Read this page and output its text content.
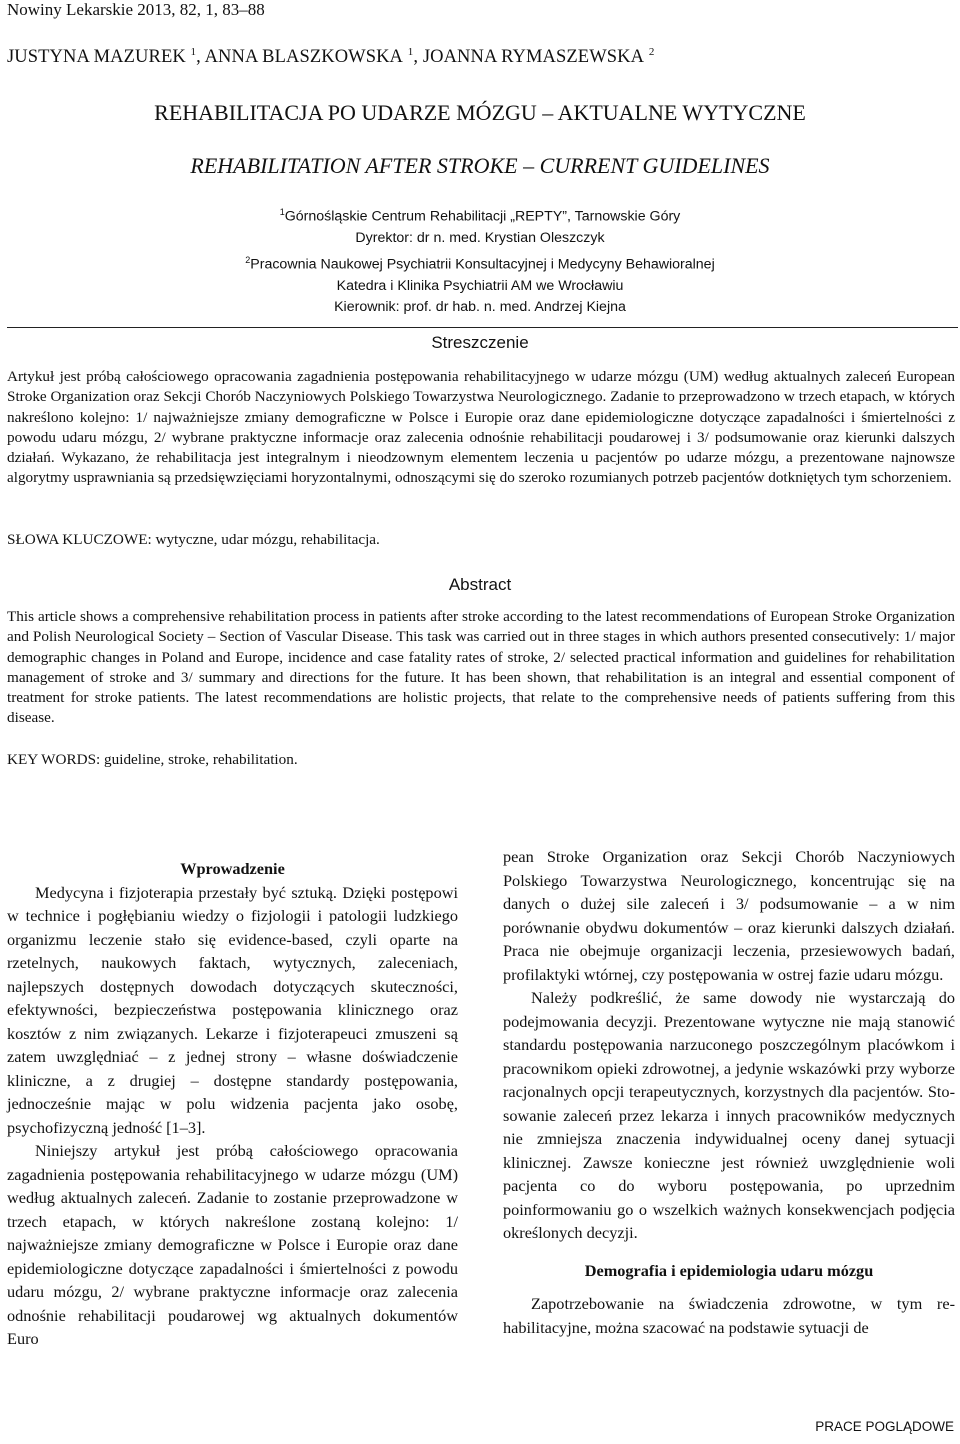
Nowiny Lekarskie 2013, 82, 1, 83–88
JUSTYNA MAZUREK $^1$, ANNA BLASZKOWSKA $^1$, JOANNA RYMASZEWSKA $^2$
REHABILITACJA PO UDARZE MÓZGU – AKTUALNE WYTYCZNE
REHABILITATION AFTER STROKE – CURRENT GUIDELINES
$^1$Górnośląskie Centrum Rehabilitacji „REPTY”, Tarnowskie Góry
Dyrektor: dr n. med. Krystian Oleszczyk
$^2$Pracownia Naukowej Psychiatrii Konsultacyjnej i Medycyny Behawioralnej
Katedra i Klinika Psychiatrii AM we Wrocławiu
Kierownik: prof. dr hab. n. med. Andrzej Kiejna
Streszczenie
Artykuł jest próbą całościowego opracowania zagadnienia postępowania rehabilitacyjnego w udarze mózgu (UM) według aktualnych zaleceń European Stroke Organization oraz Sekcji Chorób Naczyniowych Polskiego Towarzystwa Neurologicznego. Zadanie to przeprowadzono w trzech etapach, w których nakreślono kolejno: 1/ najważniejsze zmiany demograficzne w Polsce i Europie oraz dane epidemiologiczne dotyczące zapadalności i śmiertelności z powodu udaru mózgu, 2/ wybrane praktyczne informacje oraz zalecenia odnośnie rehabilitacji poudarowej i 3/ podsumowanie oraz kierunki dalszych działań. Wykazano, że rehabilitacja jest integralnym i nieodzownym elementem leczenia u pacjentów po udarze mózgu, a prezentowane najnowsze algorytmy usprawniania są przedsięwzięciami horyzontalnymi, odnoszącymi się do szeroko rozumianych potrzeb pacjentów dotkniętych tym schorzeniem.
SŁOWA KLUCZOWE: wytyczne, udar mózgu, rehabilitacja.
Abstract
This article shows a comprehensive rehabilitation process in patients after stroke according to the latest recommendations of European Stroke Organization and Polish Neurological Society – Section of Vascular Disease. This task was carried out in three stages in which authors presented consecutively: 1/ major demographic changes in Poland and Europe, incidence and case fatality rates of stroke, 2/ selected practical information and guidelines for rehabilitation management of stroke and 3/ summary and directions for the future. It has been shown, that rehabilitation is an integral and essential component of treatment for stroke patients. The latest recommendations are holistic projects, that relate to the comprehensive needs of patients suffering from this disease.
KEY WORDS: guideline, stroke, rehabilitation.

Wprowadzenie

Medycyna i fizjoterapia przestały być sztuką. Dzięki postępowi w technice i pogłębianiu wiedzy o fizjologii i patologii ludzkiego organizmu leczenie stało się evidence-based, czyli oparte na rzetelnych, naukowych faktach, wytycznych, zaleceniach, najlepszych dostępnych dowodach dotyczących skuteczności, efektywności, bezpieczeństwa postępowania klinicznego oraz kosztów z nim związanych. Lekarze i fizjoterapeuci zmuszeni są zatem uwzględniać – z jednej strony – własne doświadczenie kliniczne, a z drugiej – dostępne standardy postępowania, jednocześnie mając w polu widzenia pacjenta jako osobę, psychofizyczną jedność [1–3].

Niniejszy artykuł jest próbą całościowego opracowania zagadnienia postępowania rehabilitacyjnego w udarze mózgu (UM) według aktualnych zaleceń. Zadanie to zostanie przeprowadzone w trzech etapach, w których nakreślone zostaną kolejno: 1/ najważniejsze zmiany demograficzne w Polsce i Europie oraz dane epidemiologiczne dotyczące zapadalności i śmiertelności z powodu udaru mózgu, 2/ wybrane praktyczne informacje oraz zalecenia odnośnie rehabilitacji poudarowej wg aktualnych dokumentów Euro

pean Stroke Organization oraz Sekcji Chorób Naczyniowych Polskiego Towarzystwa Neurologicznego, koncentrując się na danych o dużej sile zaleceń i 3/ podsumowanie – a w nim porównanie obydwu dokumentów – oraz kierunki dalszych działań. Praca nie obejmuje organizacji leczenia, przesiewowych badań, profilaktyki wtórnej, czy postępowania w ostrej fazie udaru mózgu.

Należy podkreślić, że same dowody nie wystarczają do podejmowania decyzji. Prezentowane wytyczne nie mają stanowić standardu postępowania narzuconego poszczególnym placówkom i pracownikom opieki zdrowotnej, a jedynie wskazówki przy wyborze racjonalnych opcji terapeutycznych, korzystnych dla pacjentów. Stosowanie zaleceń przez lekarza i innych pracowników medycznych nie zmniejsza znaczenia indywidualnej oceny danej sytuacji klinicznej. Zawsze konieczne jest również uwzględnienie woli pacjenta co do wyboru postępowania, po uprzednim poinformowaniu go o wszelkich ważnych konsekwencjach podjęcia określonych decyzji.

Demografia i epidemiologia udaru mózgu

Zapotrzebowanie na świadczenia zdrowotne, w tym rehabilitacyjne, można szacować na podstawie sytuacji de

PRACE POGLĄDOWE
